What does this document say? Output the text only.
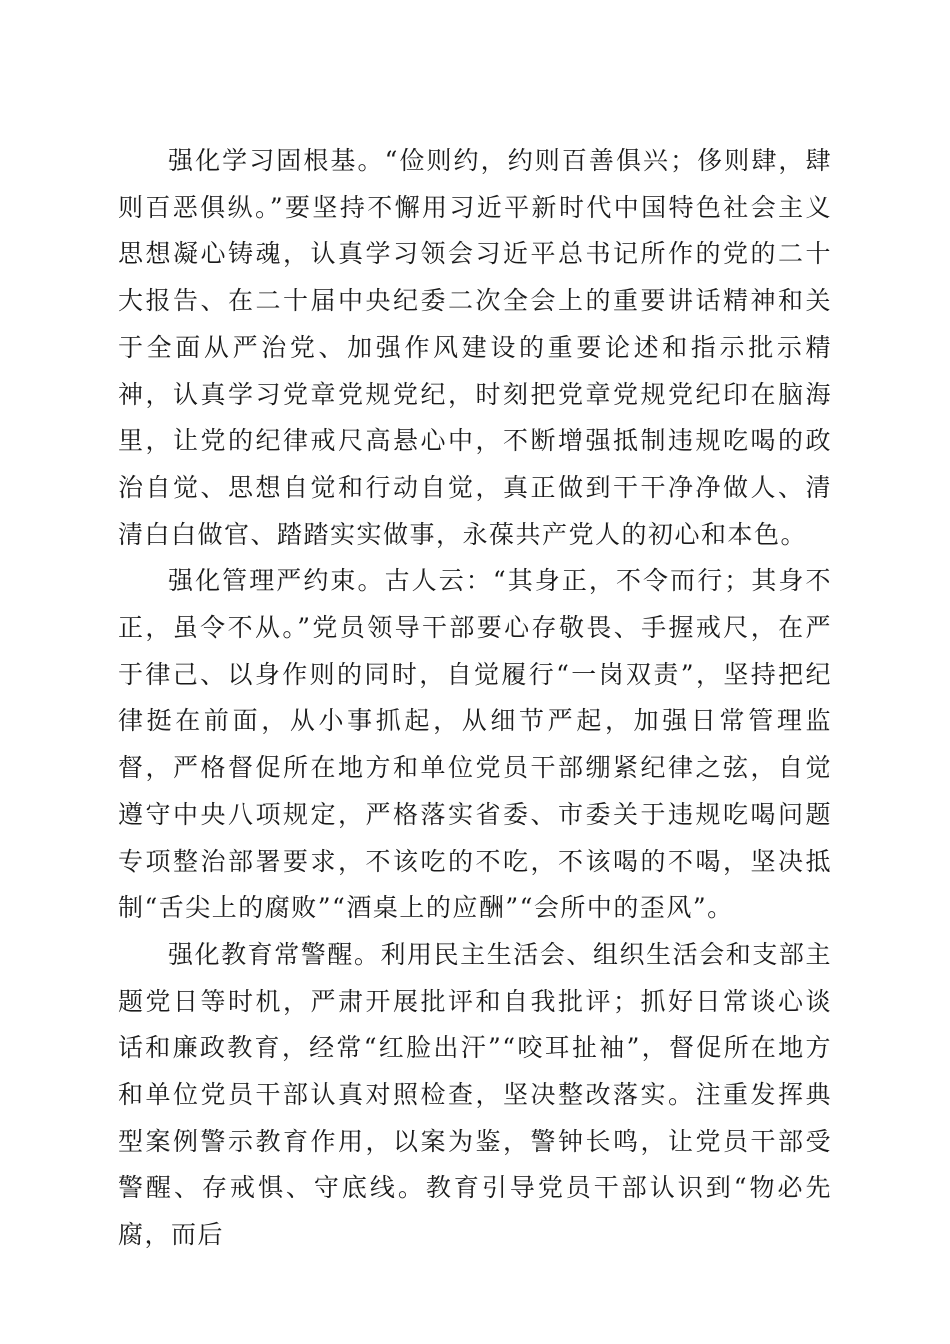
强化学习固根基。“俭则约，约则百善俱兴；侈则肆，肆则百恶俱纵。”要坚持不懈用习近平新时代中国特色社会主义思想凝心铸魂，认真学习领会习近平总书记所作的党的二十大报告、在二十届中央纪委二次全会上的重要讲话精神和关于全面从严治党、加强作风建设的重要论述和指示批示精神，认真学习党章党规党纪，时刻把党章党规党纪印在脑海里，让党的纪律戒尺高悬心中，不断增强抵制违规吃喝的政治自觉、思想自觉和行动自觉，真正做到干干净净做人、清清白白做官、踏踏实实做事，永葆共产党人的初心和本色。

强化管理严约束。古人云：“其身正，不令而行；其身不正，虽令不从。”党员领导干部要心存敬畏、手握戒尺，在严于律己、以身作则的同时，自觉履行“一岗双责”，坚持把纪律挺在前面，从小事抓起，从细节严起，加强日常管理监督，严格督促所在地方和单位党员干部绷紧纪律之弦，自觉遵守中央八项规定，严格落实省委、市委关于违规吃喝问题专项整治部署要求，不该吃的不吃，不该喝的不喝，坚决抵制“舌尖上的腐败”“酒桌上的应酬”“会所中的歪风”。

强化教育常警醒。利用民主生活会、组织生活会和支部主题党日等时机，严肃开展批评和自我批评；抓好日常谈心谈话和廉政教育，经常“红脸出汗”“咬耳扯袖”，督促所在地方和单位党员干部认真对照检查，坚决整改落实。注重发挥典型案例警示教育作用，以案为鉴，警钟长鸣，让党员干部受警醒、存戒惧、守底线。教育引导党员干部认识到“物必先腐，而后
